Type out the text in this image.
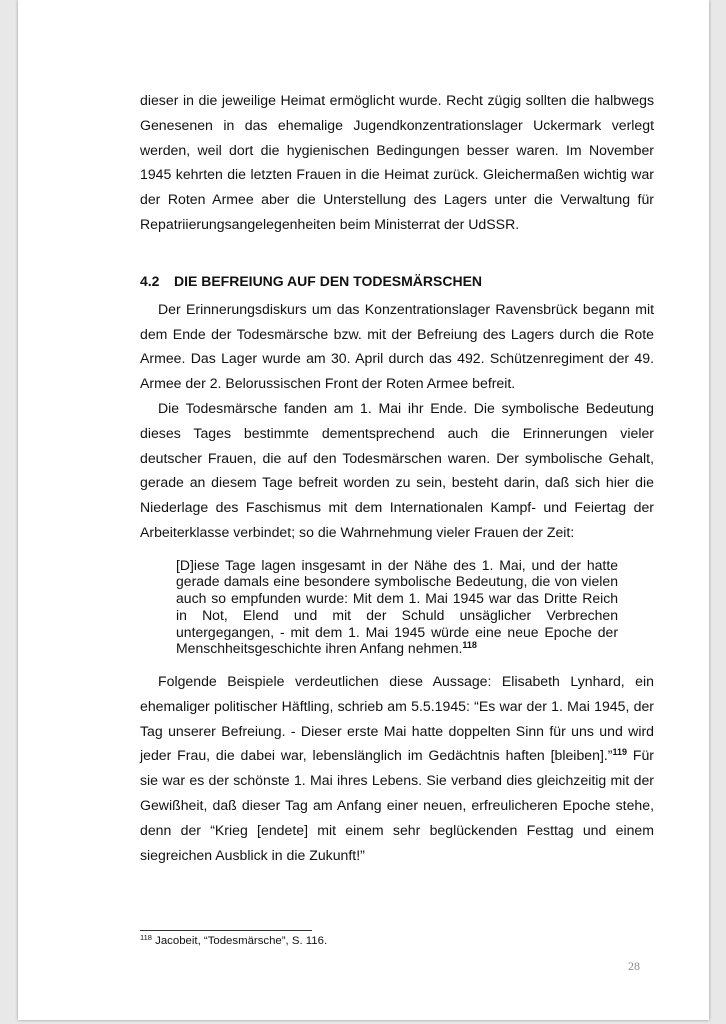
dieser in die jeweilige Heimat ermöglicht wurde. Recht zügig sollten die halbwegs Genesenen in das ehemalige Jugendkonzentrationslager Uckermark verlegt werden, weil dort die hygienischen Bedingungen besser waren. Im November 1945 kehrten die letzten Frauen in die Heimat zurück. Gleichermaßen wichtig war der Roten Armee aber die Unterstellung des Lagers unter die Verwaltung für Repatriierungsangelegenheiten beim Ministerrat der UdSSR.

4.2 DIE BEFREIUNG AUF DEN TODESMÄRSCHEN

Der Erinnerungsdiskurs um das Konzentrationslager Ravensbrück begann mit dem Ende der Todesmärsche bzw. mit der Befreiung des Lagers durch die Rote Armee. Das Lager wurde am 30. April durch das 492. Schützenregiment der 49. Armee der 2. Belorussischen Front der Roten Armee befreit.

Die Todesmärsche fanden am 1. Mai ihr Ende. Die symbolische Bedeutung dieses Tages bestimmte dementsprechend auch die Erinnerungen vieler deutscher Frauen, die auf den Todesmärschen waren. Der symbolische Gehalt, gerade an diesem Tage befreit worden zu sein, besteht darin, daß sich hier die Niederlage des Faschismus mit dem Internationalen Kampf- und Feiertag der Arbeiterklasse verbindet; so die Wahrnehmung vieler Frauen der Zeit:

[D]iese Tage lagen insgesamt in der Nähe des 1. Mai, und der hatte gerade damals eine besondere symbolische Bedeutung, die von vielen auch so empfunden wurde: Mit dem 1. Mai 1945 war das Dritte Reich in Not, Elend und mit der Schuld unsäglicher Verbrechen untergegangen, - mit dem 1. Mai 1945 würde eine neue Epoche der Menschheitsgeschichte ihren Anfang nehmen.$^{118}$

Folgende Beispiele verdeutlichen diese Aussage: Elisabeth Lynhard, ein ehemaliger politischer Häftling, schrieb am 5.5.1945: “Es war der 1. Mai 1945, der Tag unserer Befreiung. - Dieser erste Mai hatte doppelten Sinn für uns und wird jeder Frau, die dabei war, lebenslänglich im Gedächtnis haften [bleiben].”$^{119}$ Für sie war es der schönste 1. Mai ihres Lebens. Sie verband dies gleichzeitig mit der Gewißheit, daß dieser Tag am Anfang einer neuen, erfreulicheren Epoche stehe, denn der “Krieg [endete] mit einem sehr beglückenden Festtag und einem siegreichen Ausblick in die Zukunft!”

$^{118}$ Jacobeit, “Todesmärsche”, S. 116.
28
